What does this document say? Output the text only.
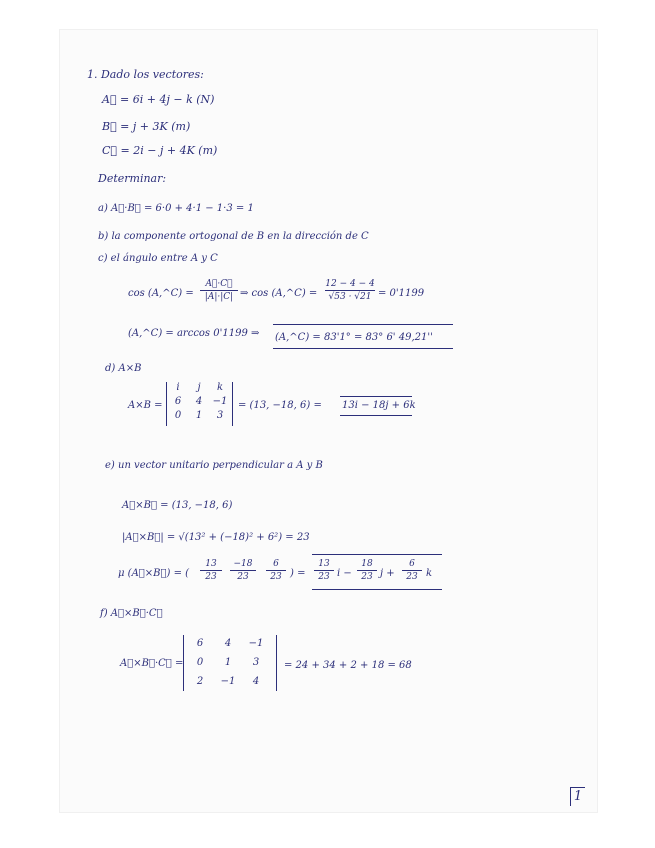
1. Dado los vectores:
A⃗ = 6i + 4j − k (N)
B⃗ = j + 3K (m)
C⃗ = 2i − j + 4K (m)
Determinar:
a) A⃗·B⃗ = 6·0 + 4·1 − 1·3 = 1
b) la componente ortogonal de B en la dirección de C
c) el ángulo entre A y C
cos (A,^C) =
A⃗·C⃗
|A|·|C| ⇒ cos (A,^C) =
12 − 4 − 4
√53 · √21 = 0'1199
(A,^C) = arccos 0'1199 ⇒ (A,^C) = 83'1° = 83° 6' 49,21''
d) A×B
A×B =	= (13, −18, 6) = 13i − 18j + 6k
e) un vector unitario perpendicular a A y B
A⃗×B⃗ = (13, −18, 6)
|A⃗×B⃗| = √(13² + (−18)² + 6²) = 23
μ (A⃗×B⃗) = (
13
23
−18
23
6
23 ) =
13
23 i −
18
23 j +
6
23 k
f) A⃗×B⃗·C⃗
A⃗×B⃗·C⃗ =	= 24 + 34 + 2 + 18 = 68
i	j	k
6	4	−1
0	1	3
6	4	−1
0	1	3
2	−1	4
1
